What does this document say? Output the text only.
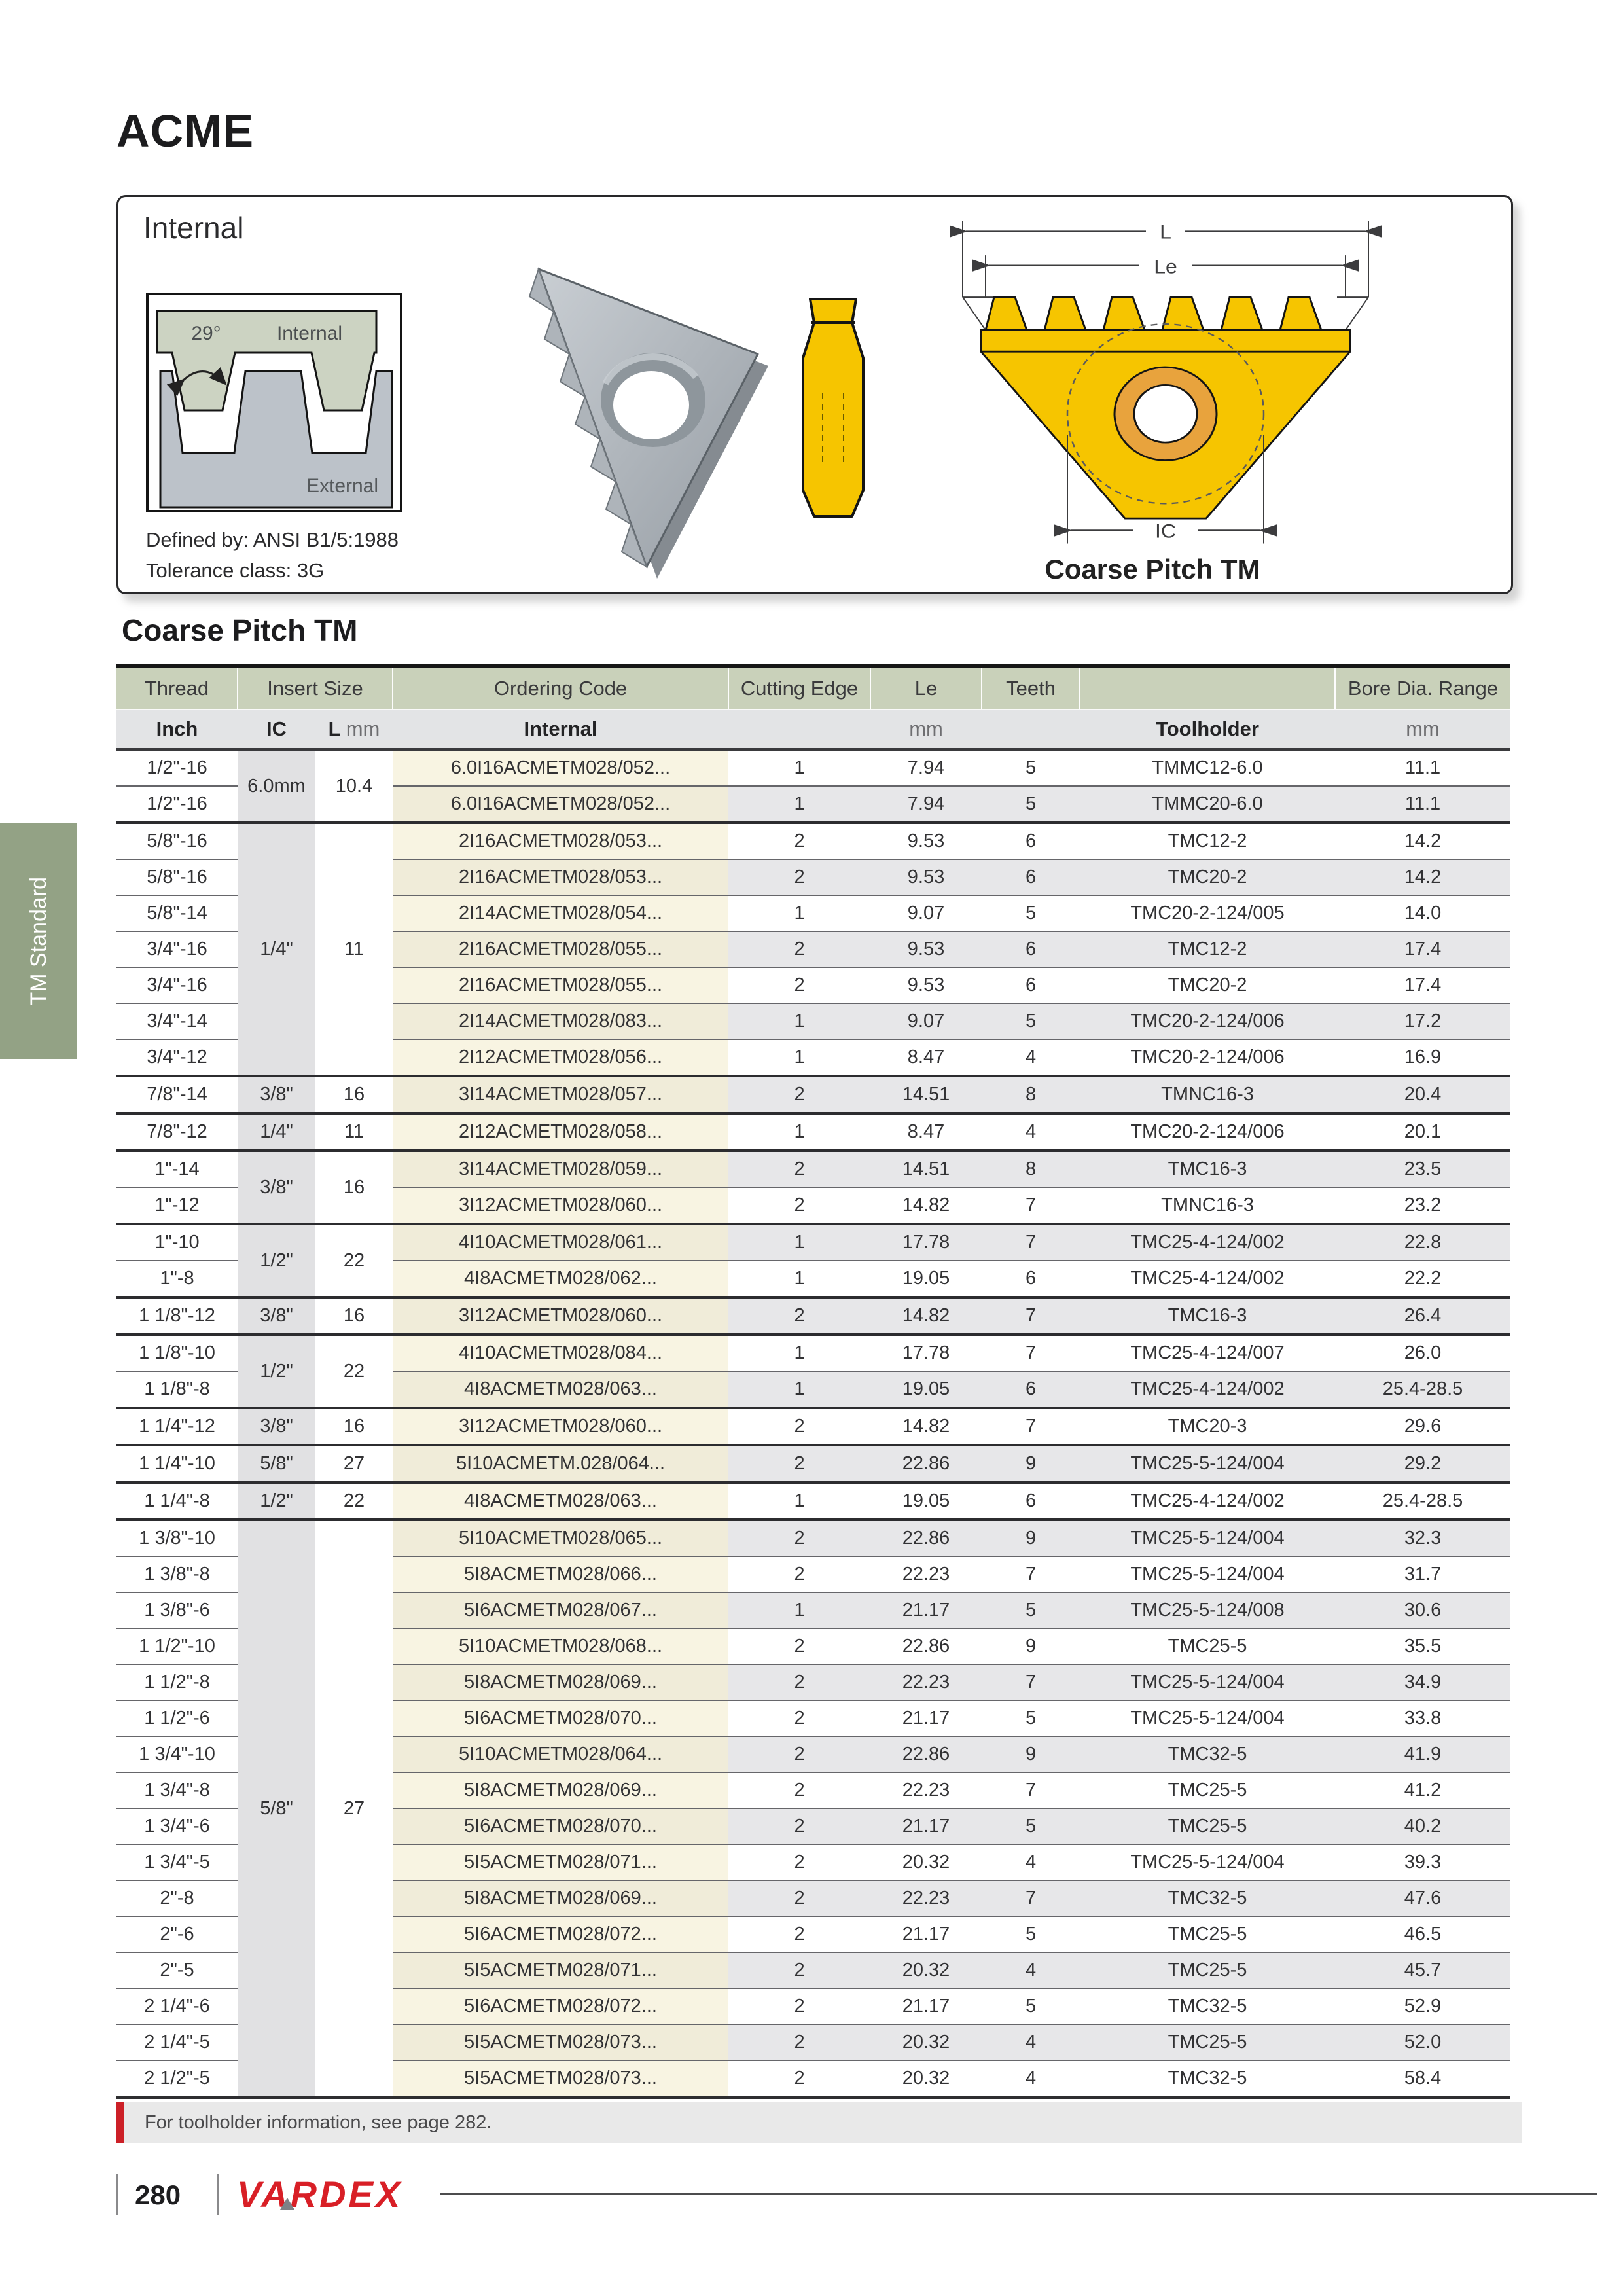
ACME
TM Standard
Internal
29°	Internal
External
Defined by: ANSI B1/5:1988
Tolerance class: 3G
L
Le
IC
Coarse Pitch TM
Coarse Pitch TM
Thread	Insert Size		Ordering Code	Cutting Edge	Le	Teeth		Bore Dia. Range
Inch	IC	L mm	Internal		mm		Toolholder	mm
1/2"-16	6.0mm	10.4	6.0I16ACMETM028/052...	1	7.94	5	TMMC12-6.0	11.1
1/2"-16			6.0I16ACMETM028/052...	1	7.94	5	TMMC20-6.0	11.1
5/8"-16	1/4"	11	2I16ACMETM028/053...	2	9.53	6	TMC12-2	14.2
5/8"-16			2I16ACMETM028/053...	2	9.53	6	TMC20-2	14.2
5/8"-14			2I14ACMETM028/054...	1	9.07	5	TMC20-2-124/005	14.0
3/4"-16			2I16ACMETM028/055...	2	9.53	6	TMC12-2	17.4
3/4"-16			2I16ACMETM028/055...	2	9.53	6	TMC20-2	17.4
3/4"-14			2I14ACMETM028/083...	1	9.07	5	TMC20-2-124/006	17.2
3/4"-12			2I12ACMETM028/056...	1	8.47	4	TMC20-2-124/006	16.9
7/8"-14	3/8"	16	3I14ACMETM028/057...	2	14.51	8	TMNC16-3	20.4
7/8"-12	1/4"	11	2I12ACMETM028/058...	1	8.47	4	TMC20-2-124/006	20.1
1"-14	3/8"	16	3I14ACMETM028/059...	2	14.51	8	TMC16-3	23.5
1"-12			3I12ACMETM028/060...	2	14.82	7	TMNC16-3	23.2
1"-10	1/2"	22	4I10ACMETM028/061...	1	17.78	7	TMC25-4-124/002	22.8
1"-8			4I8ACMETM028/062...	1	19.05	6	TMC25-4-124/002	22.2
1 1/8"-12	3/8"	16	3I12ACMETM028/060...	2	14.82	7	TMC16-3	26.4
1 1/8"-10	1/2"	22	4I10ACMETM028/084...	1	17.78	7	TMC25-4-124/007	26.0
1 1/8"-8			4I8ACMETM028/063...	1	19.05	6	TMC25-4-124/002	25.4-28.5
1 1/4"-12	3/8"	16	3I12ACMETM028/060...	2	14.82	7	TMC20-3	29.6
1 1/4"-10	5/8"	27	5I10ACMETM.028/064...	2	22.86	9	TMC25-5-124/004	29.2
1 1/4"-8	1/2"	22	4I8ACMETM028/063...	1	19.05	6	TMC25-4-124/002	25.4-28.5
1 3/8"-10	5/8"	27	5I10ACMETM028/065...	2	22.86	9	TMC25-5-124/004	32.3
1 3/8"-8			5I8ACMETM028/066...	2	22.23	7	TMC25-5-124/004	31.7
1 3/8"-6			5I6ACMETM028/067...	1	21.17	5	TMC25-5-124/008	30.6
1 1/2"-10			5I10ACMETM028/068...	2	22.86	9	TMC25-5	35.5
1 1/2"-8			5I8ACMETM028/069...	2	22.23	7	TMC25-5-124/004	34.9
1 1/2"-6			5I6ACMETM028/070...	2	21.17	5	TMC25-5-124/004	33.8
1 3/4"-10			5I10ACMETM028/064...	2	22.86	9	TMC32-5	41.9
1 3/4"-8			5I8ACMETM028/069...	2	22.23	7	TMC25-5	41.2
1 3/4"-6			5I6ACMETM028/070...	2	21.17	5	TMC25-5	40.2
1 3/4"-5			5I5ACMETM028/071...	2	20.32	4	TMC25-5-124/004	39.3
2"-8			5I8ACMETM028/069...	2	22.23	7	TMC32-5	47.6
2"-6			5I6ACMETM028/072...	2	21.17	5	TMC25-5	46.5
2"-5			5I5ACMETM028/071...	2	20.32	4	TMC25-5	45.7
2 1/4"-6			5I6ACMETM028/072...	2	21.17	5	TMC32-5	52.9
2 1/4"-5			5I5ACMETM028/073...	2	20.32	4	TMC25-5	52.0
2 1/2"-5			5I5ACMETM028/073...	2	20.32	4	TMC32-5	58.4
For toolholder information, see page 282.
280 VARDEX
